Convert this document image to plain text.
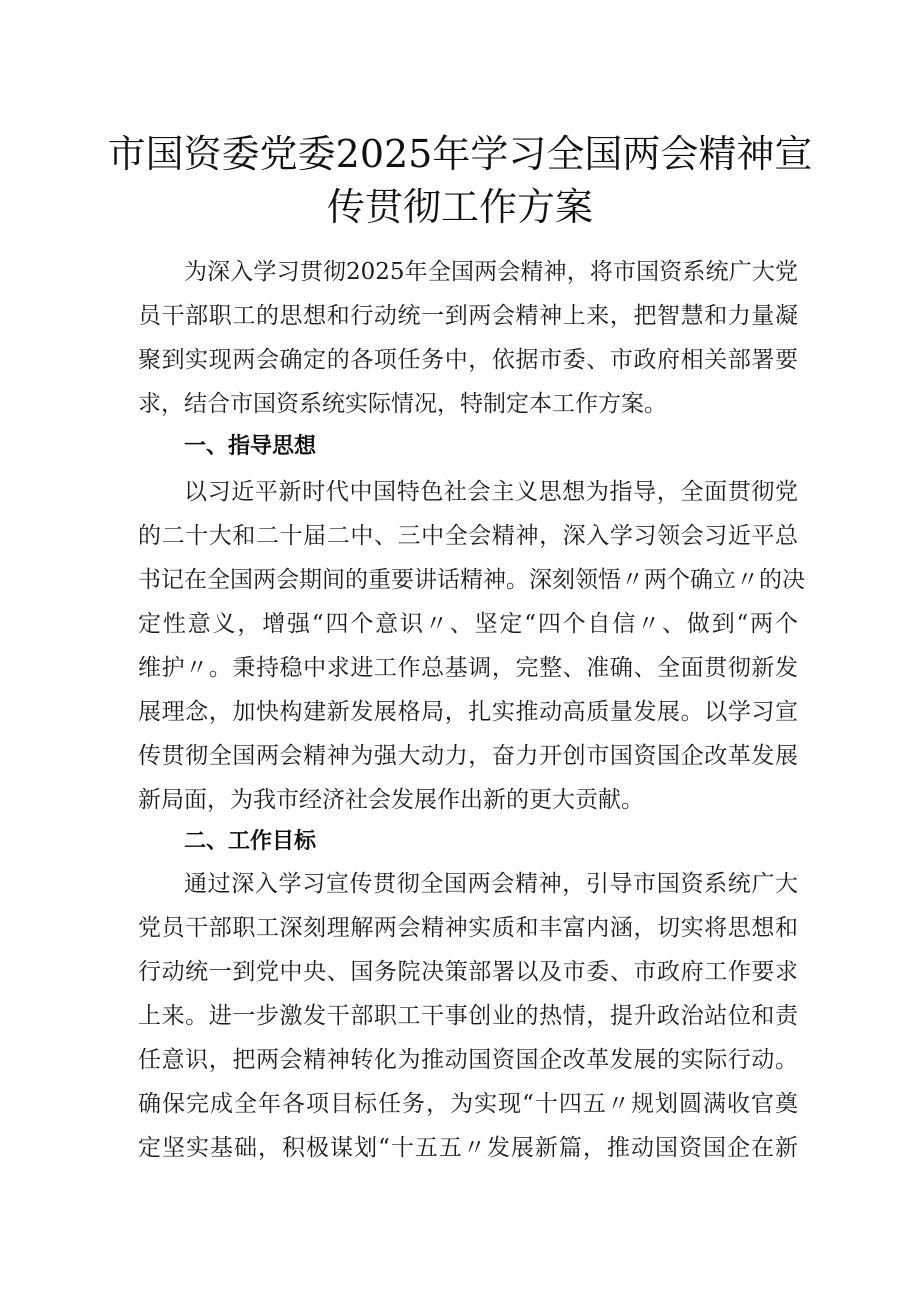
市国资委党委2025年学习全国两会精神宣
传贯彻工作方案
为深入学习贯彻2025年全国两会精神，将市国资系统广大党
员干部职工的思想和行动统一到两会精神上来，把智慧和力量凝
聚到实现两会确定的各项任务中，依据市委、市政府相关部署要
求，结合市国资系统实际情况，特制定本工作方案。
一、指导思想
以习近平新时代中国特色社会主义思想为指导，全面贯彻党
的二十大和二十届二中、三中全会精神，深入学习领会习近平总
书记在全国两会期间的重要讲话精神。深刻领悟〃两个确立〃的决
定性意义，增强“四个意识〃、坚定“四个自信〃、做到“两个
维护〃。秉持稳中求进工作总基调，完整、准确、全面贯彻新发
展理念，加快构建新发展格局，扎实推动高质量发展。以学习宣
传贯彻全国两会精神为强大动力，奋力开创市国资国企改革发展
新局面，为我市经济社会发展作出新的更大贡献。
二、工作目标
通过深入学习宣传贯彻全国两会精神，引导市国资系统广大
党员干部职工深刻理解两会精神实质和丰富内涵，切实将思想和
行动统一到党中央、国务院决策部署以及市委、市政府工作要求
上来。进一步激发干部职工干事创业的热情，提升政治站位和责
任意识，把两会精神转化为推动国资国企改革发展的实际行动。
确保完成全年各项目标任务，为实现“十四五〃规划圆满收官奠
定坚实基础，积极谋划“十五五〃发展新篇，推动国资国企在新
